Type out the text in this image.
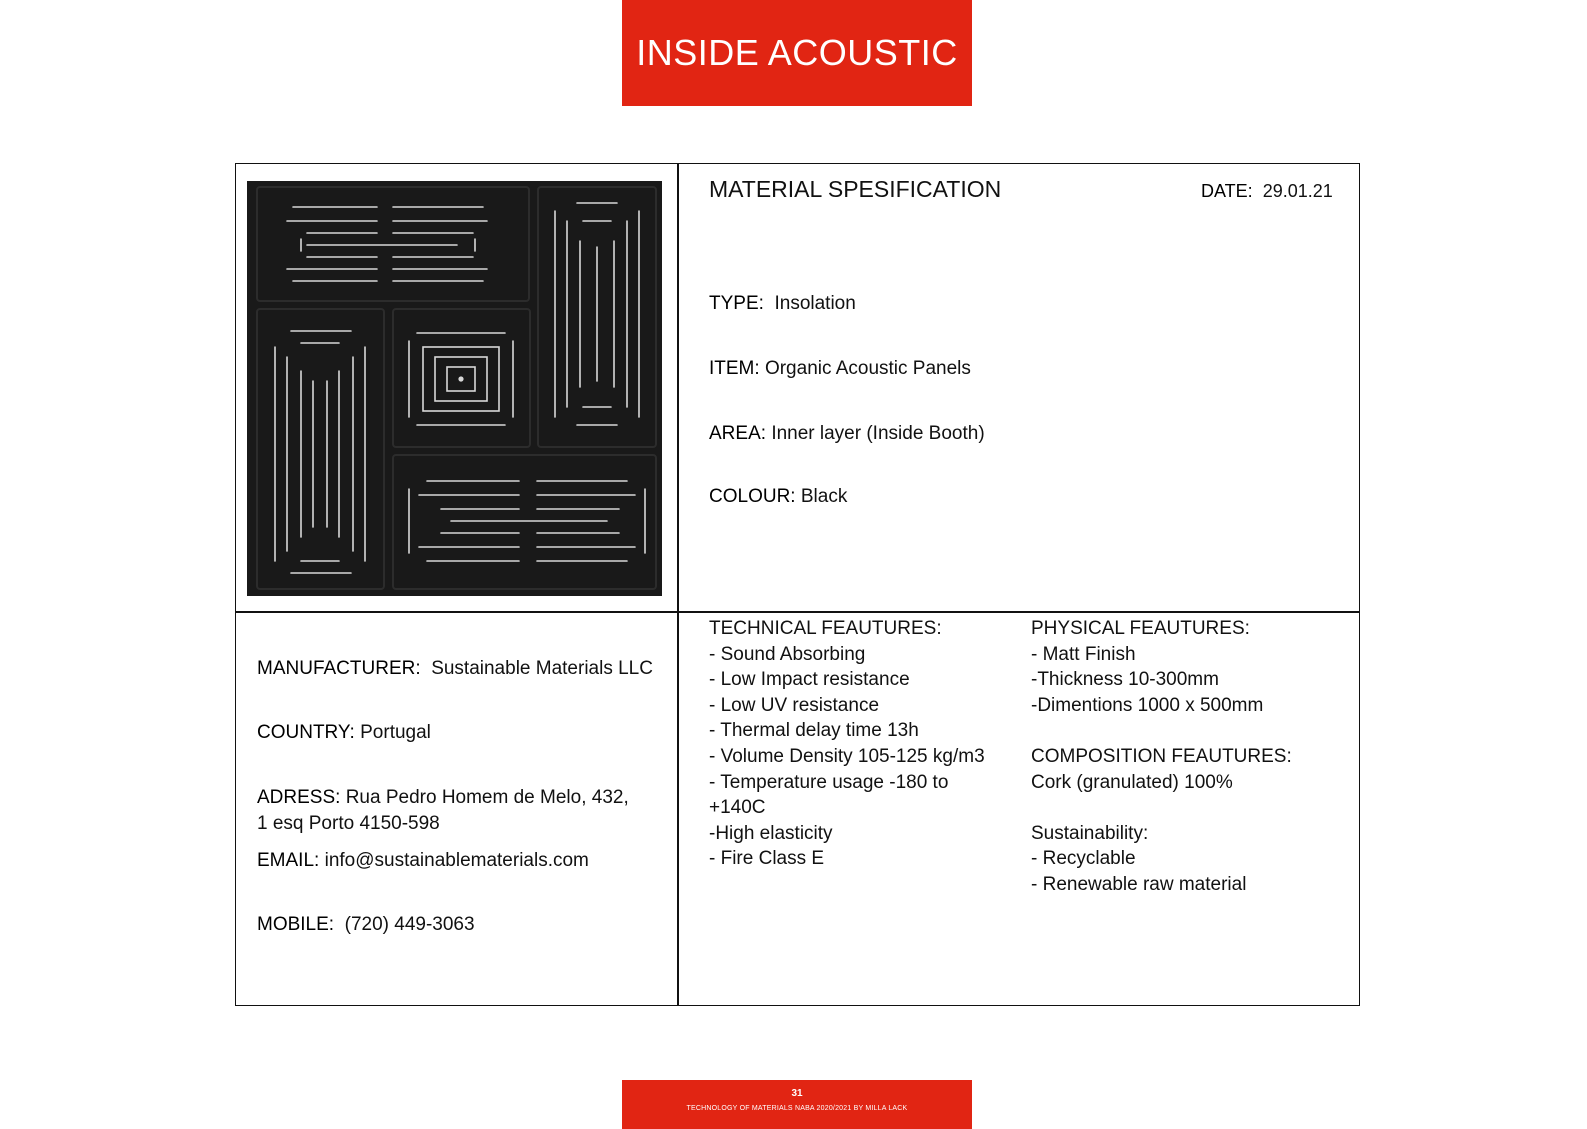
INSIDE ACOUSTIC
MATERIAL SPESIFICATION	DATE: 29.01.21
TYPE: Insolation
ITEM: Organic Acoustic Panels
AREA: Inner layer (Inside Booth)
COLOUR: Black
MANUFACTURER: Sustainable Materials LLC
COUNTRY: Portugal
ADRESS: Rua Pedro Homem de Melo, 432, 1 esq Porto 4150-598
EMAIL: info@sustainablematerials.com
MOBILE: (720) 449-3063
TECHNICAL FEAUTURES:
- Sound Absorbing
- Low Impact resistance
- Low UV resistance
- Thermal delay time 13h
- Volume Density 105-125 kg/m3
- Temperature usage -180 to
+140C
-High elasticity
- Fire Class E
PHYSICAL FEAUTURES:
- Matt Finish
-Thickness 10-300mm
-Dimentions 1000 x 500mm
COMPOSITION FEAUTURES:
Cork (granulated) 100%
Sustainability:
- Recyclable
- Renewable raw material
31
TECHNOLOGY OF MATERIALS NABA 2020/2021 BY MILLA LACK
